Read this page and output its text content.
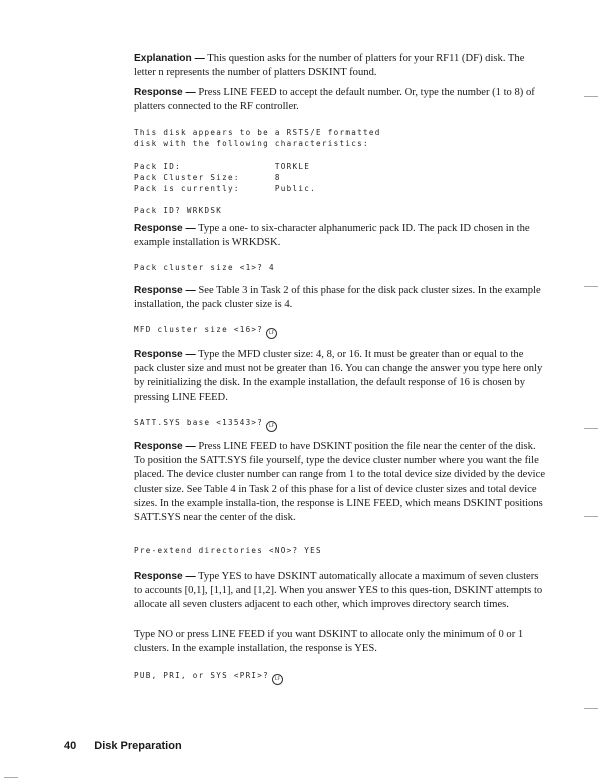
Explanation — This question asks for the number of platters for your RF11 (DF) disk. The letter n represents the number of platters DSKINT found.

Response — Press LINE FEED to accept the default number. Or, type the number (1 to 8) of platters connected to the RF controller.

This disk appears to be a RSTS/E formatted
disk with the following characteristics:

Pack ID:                TORKLE
Pack Cluster Size:      8
Pack is currently:      Public.

Pack ID? WRKDSK

Response — Type a one- to six-character alphanumeric pack ID. The pack ID chosen in the example installation is WRKDSK.

Pack cluster size <1>? 4

Response — See Table 3 in Task 2 of this phase for the disk pack cluster sizes. In the example installation, the pack cluster size is 4.

MFD cluster size <16>? LF

Response — Type the MFD cluster size: 4, 8, or 16. It must be greater than or equal to the pack cluster size and must not be greater than 16. You can change the answer you type here only by reinitializing the disk. In the example installation, the default response of 16 is chosen by pressing LINE FEED.

SATT.SYS base <13543>? LF

Response — Press LINE FEED to have DSKINT position the file near the center of the disk. To position the SATT.SYS file yourself, type the device cluster number where you want the file placed. The device cluster number can range from 1 to the total device size divided by the device cluster size. See Table 4 in Task 2 of this phase for a list of device cluster sizes and total device sizes. In the example installa-tion, the response is LINE FEED, which means DSKINT positions SATT.SYS near the center of the disk.

Pre-extend directories <NO>? YES

Response — Type YES to have DSKINT automatically allocate a maximum of seven clusters to accounts [0,1], [1,1], and [1,2]. When you answer YES to this ques-tion, DSKINT attempts to allocate all seven clusters adjacent to each other, which improves directory search times.

Type NO or press LINE FEED if you want DSKINT to allocate only the minimum of 0 or 1 clusters. In the example installation, the response is YES.

PUB, PRI, or SYS <PRI>? LF
40 Disk Preparation
